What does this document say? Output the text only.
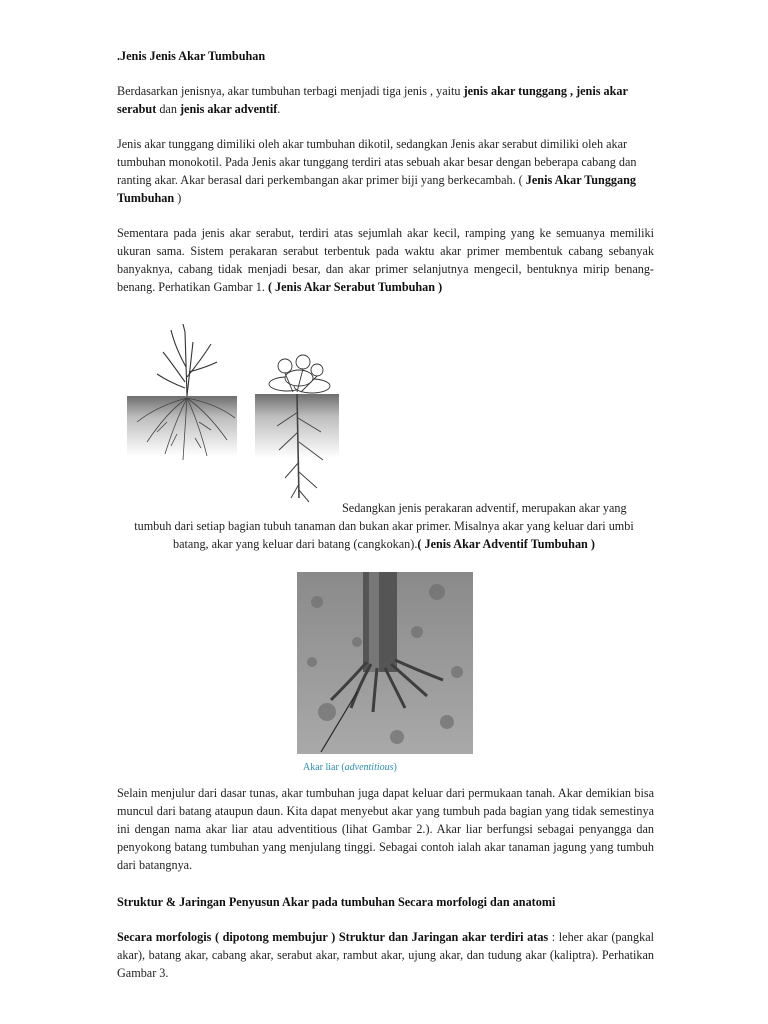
.Jenis Jenis Akar Tumbuhan

Berdasarkan jenisnya, akar tumbuhan terbagi menjadi tiga jenis , yaitu jenis akar tunggang , jenis akar serabut dan jenis akar adventif.

Jenis akar tunggang dimiliki oleh akar tumbuhan dikotil, sedangkan Jenis akar serabut dimiliki oleh akar tumbuhan monokotil. Pada Jenis akar tunggang terdiri atas sebuah akar besar dengan beberapa cabang dan ranting akar. Akar berasal dari perkembangan akar primer biji yang berkecambah. ( Jenis Akar Tunggang Tumbuhan )

Sementara pada jenis akar serabut, terdiri atas sejumlah akar kecil, ramping yang ke semuanya memiliki ukuran sama. Sistem perakaran serabut terbentuk pada waktu akar primer membentuk cabang sebanyak banyaknya, cabang tidak menjadi besar, dan akar primer selanjutnya mengecil, bentuknya mirip benang-benang. Perhatikan Gambar 1. ( Jenis Akar Serabut Tumbuhan )

Sedangkan jenis perakaran adventif, merupakan akar yang

tumbuh dari setiap bagian tubuh tanaman dan bukan akar primer. Misalnya akar yang keluar dari umbi
batang, akar yang keluar dari batang (cangkokan).( Jenis Akar Adventif Tumbuhan )

Akar liar (adventitious)

Selain menjulur dari dasar tunas, akar tumbuhan juga dapat keluar dari permukaan tanah. Akar demikian bisa muncul dari batang ataupun daun. Kita dapat menyebut akar yang tumbuh pada bagian yang tidak semestinya ini dengan nama akar liar atau adventitious (lihat Gambar 2.). Akar liar berfungsi sebagai penyangga dan penyokong batang tumbuhan yang menjulang tinggi. Sebagai contoh ialah akar tanaman jagung yang tumbuh dari batangnya.

Struktur & Jaringan Penyusun Akar pada tumbuhan Secara morfologi dan anatomi

Secara morfologis ( dipotong membujur ) Struktur dan Jaringan akar terdiri atas : leher akar (pangkal akar), batang akar, cabang akar, serabut akar, rambut akar, ujung akar, dan tudung akar (kaliptra). Perhatikan Gambar 3.
